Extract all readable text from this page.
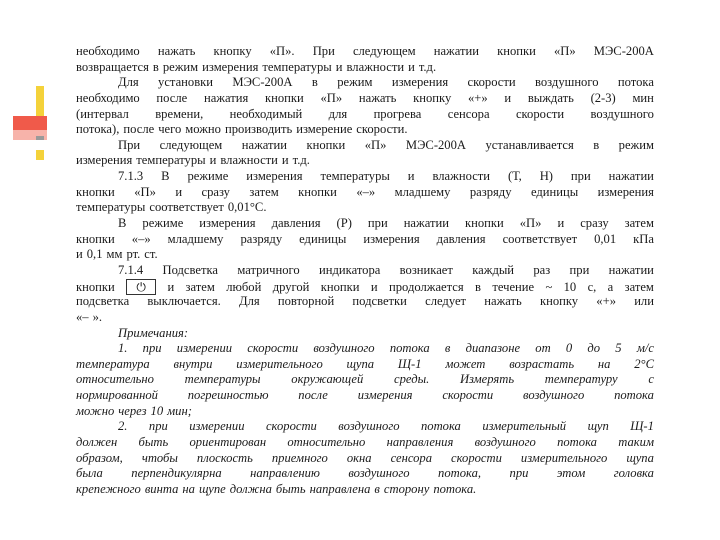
необходимо нажать кнопку «П». При следующем нажатии кнопки «П» МЭС-200А
возвращается в режим измерения температуры и влажности и т.д.
Для установки МЭС-200А в режим измерения скорости воздушного потока
необходимо после нажатия кнопки «П» нажать кнопку «+» и выждать (2-3) мин
(интервал времени, необходимый для прогрева сенсора скорости воздушного
потока), после чего можно производить измерение скорости.
При следующем нажатии кнопки «П» МЭС-200А устанавливается в режим
измерения температуры и влажности и т.д.
7.1.3 В режиме измерения температуры и влажности (Т, Н) при нажатии
кнопки «П» и сразу затем кнопки «–» младшему разряду единицы измерения
температуры соответствует 0,01°С.
В режиме измерения давления (Р) при нажатии кнопки «П» и сразу затем
кнопки «–» младшему разряду единицы измерения давления соответствует 0,01 кПа
и 0,1 мм рт. ст.
7.1.4 Подсветка матричного индикатора возникает каждый раз при нажатии
кнопки	⏻	и затем любой другой кнопки и продолжается в течение ~ 10 с, а затем
подсветка выключается. Для повторной подсветки следует нажать кнопку «+» или
«– ».
Примечания:
1. при измерении скорости воздушного потока в диапазоне от 0 до 5 м/с
температура внутри измерительного щупа Щ-1 может возрастать на 2°С
относительно температуры окружающей среды. Измерять температуру с
нормированной погрешностью после измерения скорости воздушного потока
можно через 10 мин;
2. при измерении скорости воздушного потока измерительный щуп Щ-1
должен быть ориентирован относительно направления воздушного потока таким
образом, чтобы плоскость приемного окна сенсора скорости измерительного щупа
была перпендикулярна направлению воздушного потока, при этом головка
крепежного винта на щупе должна быть направлена в сторону потока.
